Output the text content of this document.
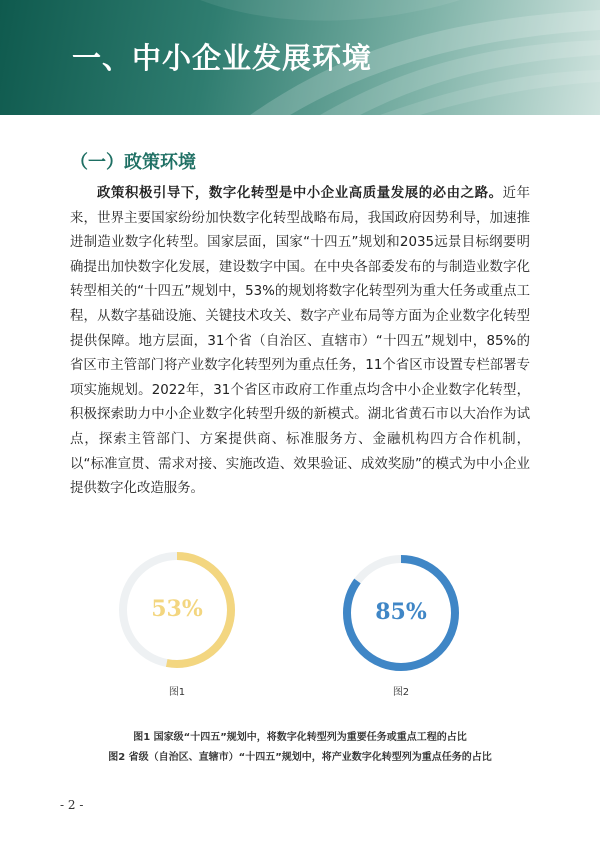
一、中小企业发展环境
（一）政策环境

政策积极引导下，数字化转型是中小企业高质量发展的必由之路。近年来，世界主要国家纷纷加快数字化转型战略布局，我国政府因势利导，加速推进制造业数字化转型。国家层面，国家“十四五”规划和2035远景目标纲要明确提出加快数字化发展，建设数字中国。在中央各部委发布的与制造业数字化转型相关的“十四五”规划中，53%的规划将数字化转型列为重大任务或重点工程，从数字基础设施、关键技术攻关、数字产业布局等方面为企业数字化转型提供保障。地方层面，31个省（自治区、直辖市）“十四五”规划中，85%的省区市主管部门将产业数字化转型列为重点任务，11个省区市设置专栏部署专项实施规划。2022年，31个省区市政府工作重点均含中小企业数字化转型，积极探索助力中小企业数字化转型升级的新模式。湖北省黄石市以大冶作为试点，探索主管部门、方案提供商、标准服务方、金融机构四方合作机制，以“标准宣贯、需求对接、实施改造、效果验证、成效奖励”的模式为中小企业提供数字化改造服务。

53%
图1
85%
图2
图1 国家级“十四五”规划中，将数字化转型列为重要任务或重点工程的占比
图2 省级（自治区、直辖市）“十四五”规划中，将产业数字化转型列为重点任务的占比
- 2 -
